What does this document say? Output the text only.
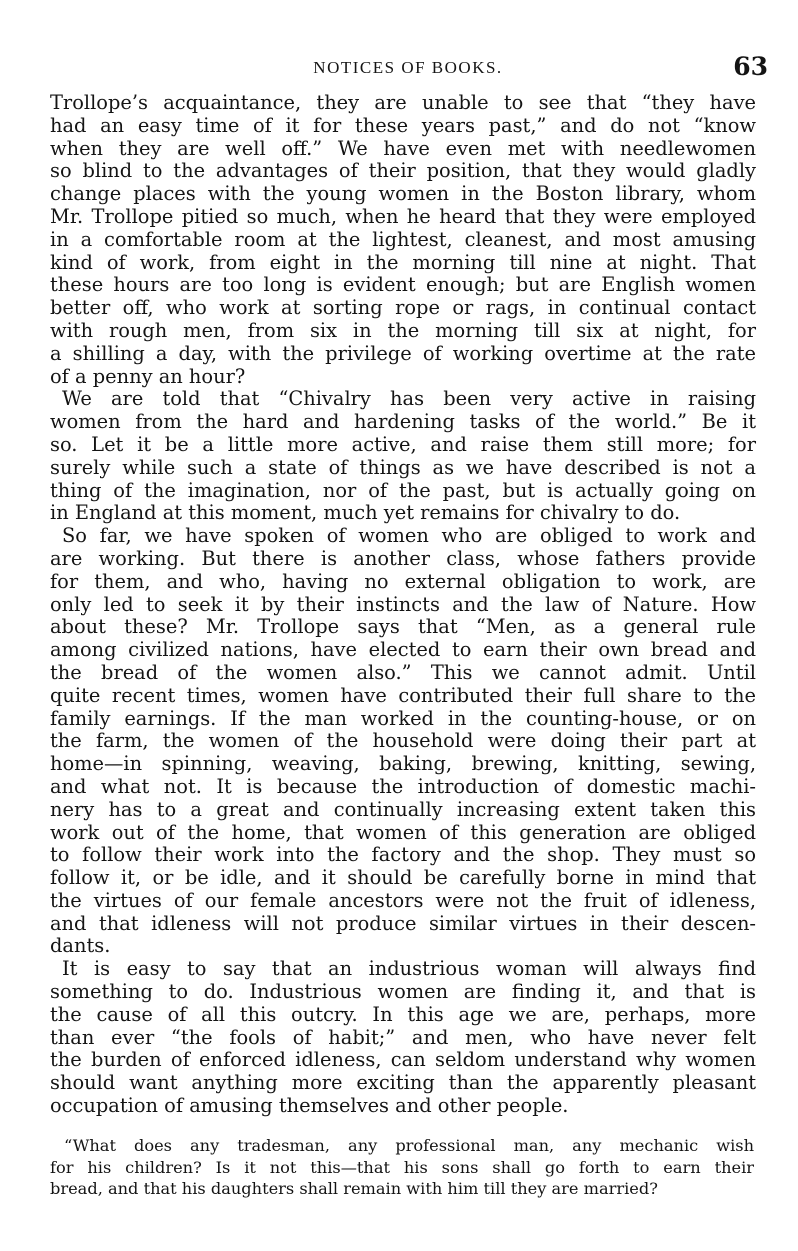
NOTICES OF BOOKS.	63
Trollope’s acquaintance, they are unable to see that “they have
had an easy time of it for these years past,” and do not “know
when they are well off.” We have even met with needlewomen
so blind to the advantages of their position, that they would gladly
change places with the young women in the Boston library, whom
Mr. Trollope pitied so much, when he heard that they were employed
in a comfortable room at the lightest, cleanest, and most amusing
kind of work, from eight in the morning till nine at night. That
these hours are too long is evident enough; but are English women
better off, who work at sorting rope or rags, in continual contact
with rough men, from six in the morning till six at night, for
a shilling a day, with the privilege of working overtime at the rate
of a penny an hour?
We are told that “Chivalry has been very active in raising
women from the hard and hardening tasks of the world.” Be it
so. Let it be a little more active, and raise them still more; for
surely while such a state of things as we have described is not a
thing of the imagination, nor of the past, but is actually going on
in England at this moment, much yet remains for chivalry to do.
So far, we have spoken of women who are obliged to work and
are working. But there is another class, whose fathers provide
for them, and who, having no external obligation to work, are
only led to seek it by their instincts and the law of Nature. How
about these? Mr. Trollope says that “Men, as a general rule
among civilized nations, have elected to earn their own bread and
the bread of the women also.” This we cannot admit. Until
quite recent times, women have contributed their full share to the
family earnings. If the man worked in the counting-house, or on
the farm, the women of the household were doing their part at
home—in spinning, weaving, baking, brewing, knitting, sewing,
and what not. It is because the introduction of domestic machi-
nery has to a great and continually increasing extent taken this
work out of the home, that women of this generation are obliged
to follow their work into the factory and the shop. They must so
follow it, or be idle, and it should be carefully borne in mind that
the virtues of our female ancestors were not the fruit of idleness,
and that idleness will not produce similar virtues in their descen-
dants.
It is easy to say that an industrious woman will always find
something to do. Industrious women are finding it, and that is
the cause of all this outcry. In this age we are, perhaps, more
than ever “the fools of habit;” and men, who have never felt
the burden of enforced idleness, can seldom understand why women
should want anything more exciting than the apparently pleasant
occupation of amusing themselves and other people.
“What does any tradesman, any professional man, any mechanic wish
for his children? Is it not this—that his sons shall go forth to earn their
bread, and that his daughters shall remain with him till they are married?
